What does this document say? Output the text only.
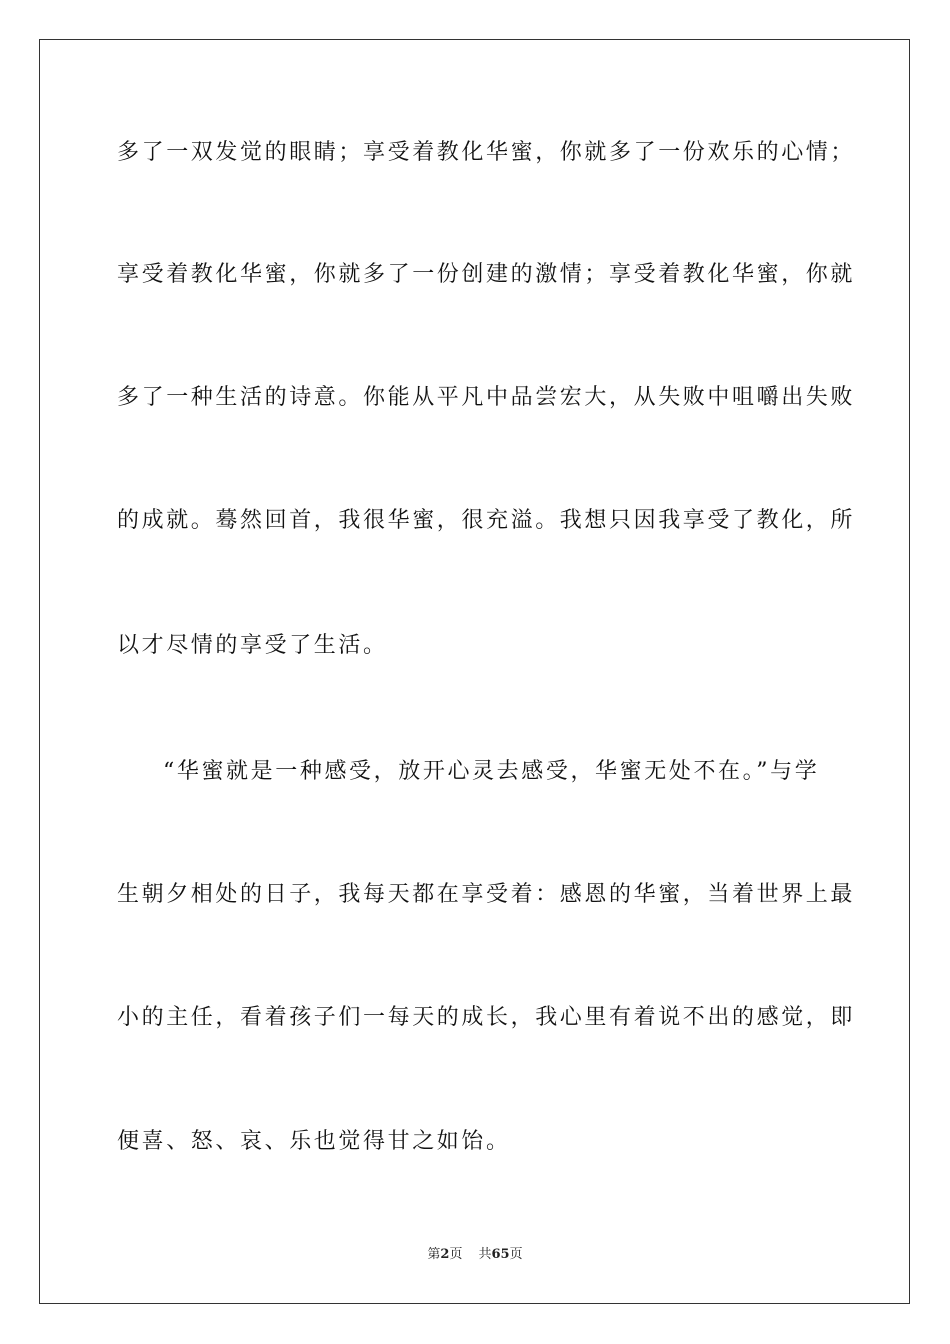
多了一双发觉的眼睛；享受着教化华蜜，你就多了一份欢乐的心情；
享受着教化华蜜，你就多了一份创建的激情；享受着教化华蜜，你就
多了一种生活的诗意。你能从平凡中品尝宏大，从失败中咀嚼出失败
的成就。蓦然回首，我很华蜜，很充溢。我想只因我享受了教化，所
以才尽情的享受了生活。
“华蜜就是一种感受，放开心灵去感受，华蜜无处不在。”与学
生朝夕相处的日子，我每天都在享受着：感恩的华蜜，当着世界上最
小的主任，看着孩子们一每天的成长，我心里有着说不出的感觉，即
便喜、怒、哀、乐也觉得甘之如饴。
第2页 共65页
